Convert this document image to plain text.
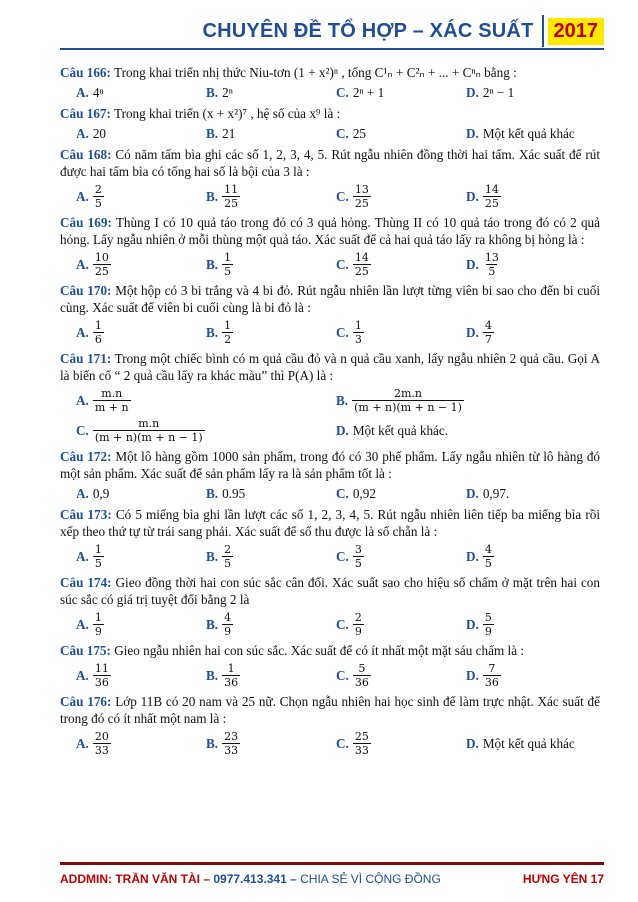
CHUYÊN ĐỀ TỔ HỢP – XÁC SUẤT	2017
Câu 166: Trong khai triển nhị thức Niu-tơn (1 + x²)ⁿ , tổng C¹ₙ + C²ₙ + ... + Cⁿₙ bằng :
A. 4ⁿ	B. 2ⁿ	C. 2ⁿ + 1	D. 2ⁿ − 1
Câu 167: Trong khai triển (x + x²)⁷ , hệ số của x⁹ là :
A. 20	B. 21	C. 25	D. Một kết quả khác
Câu 168: Có năm tấm bìa ghi các số 1, 2, 3, 4, 5. Rút ngẫu nhiên đồng thời hai tấm. Xác suất để rút được hai tấm bìa có tổng hai số là bội của 3 là :
A. $\frac{2}{5}$	B. $\frac{11}{25}$	C. $\frac{13}{25}$	D. $\frac{14}{25}$
Câu 169: Thùng I có 10 quả táo trong đó có 3 quả hỏng. Thùng II có 10 quả táo trong đó có 2 quả hỏng. Lấy ngẫu nhiên ở mỗi thùng một quả táo. Xác suất để cả hai quả táo lấy ra không bị hỏng là :
A. $\frac{10}{25}$	B. $\frac{1}{5}$	C. $\frac{14}{25}$	D. $\frac{13}{5}$
Câu 170: Một hộp có 3 bi trắng và 4 bi đỏ. Rút ngẫu nhiên lần lượt từng viên bi sao cho đến bi cuối cùng. Xác suất để viên bi cuối cùng là bi đỏ là :
A. $\frac{1}{6}$	B. $\frac{1}{2}$	C. $\frac{1}{3}$	D. $\frac{4}{7}$
Câu 171: Trong một chiếc bình có m quả cầu đỏ và n quả cầu xanh, lấy ngẫu nhiên 2 quả cầu. Gọi A là biến cố “ 2 quả cầu lấy ra khác màu” thì P(A) là :
A. $\frac{m.n}{m + n}$	B. $\frac{2m.n}{(m + n)(m + n - 1)}$
C. $\frac{m.n}{(m + n)(m + n - 1)}$	D. Một kết quả khác.
Câu 172: Một lô hàng gồm 1000 sản phẩm, trong đó có 30 phế phẩm. Lấy ngẫu nhiên từ lô hàng đó một sản phẩm. Xác suất để sản phẩm lấy ra là sản phẩm tốt là :
A. 0,9	B. 0.95	C. 0,92	D. 0,97.
Câu 173: Có 5 miếng bìa ghi lần lượt các số 1, 2, 3, 4, 5. Rút ngẫu nhiên liên tiếp ba miếng bìa rồi xếp theo thứ tự từ trái sang phải. Xác suất để số thu được là số chẵn là :
A. $\frac{1}{5}$	B. $\frac{2}{5}$	C. $\frac{3}{5}$	D. $\frac{4}{5}$
Câu 174: Gieo đồng thời hai con súc sắc cân đối. Xác suất sao cho hiệu số chấm ở mặt trên hai con súc sắc có giá trị tuyệt đối bằng 2 là
A. $\frac{1}{9}$	B. $\frac{4}{9}$	C. $\frac{2}{9}$	D. $\frac{5}{9}$
Câu 175: Gieo ngẫu nhiên hai con súc sắc. Xác suất để có ít nhất một mặt sáu chấm là :
A. $\frac{11}{36}$	B. $\frac{1}{36}$	C. $\frac{5}{36}$	D. $\frac{7}{36}$
Câu 176: Lớp 11B có 20 nam và 25 nữ. Chọn ngẫu nhiên hai học sinh để làm trực nhật. Xác suất để trong đó có ít nhất một nam là :
A. $\frac{20}{33}$	B. $\frac{23}{33}$	C. $\frac{25}{33}$	D. Một kết quả khác
ADDMIN: TRẦN VĂN TÀI – 0977.413.341 – CHIA SẺ VÌ CỘNG ĐỒNG	HƯNG YÊN 17
